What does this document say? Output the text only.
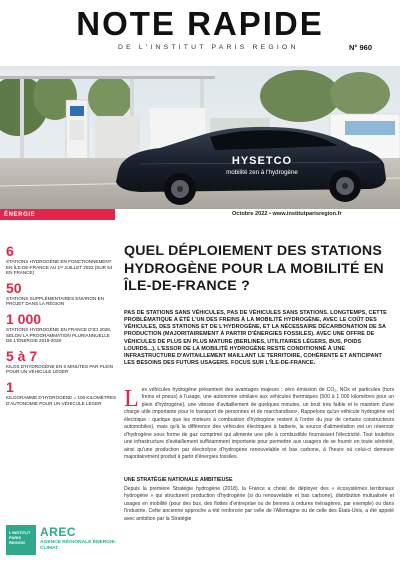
NOTE RAPIDE
DE L'INSTITUT PARIS REGION	N° 960
HYSETCO
mobilité zen à l'hydrogène
ÉNERGIE	Octobre 2022 • www.institutparisregion.fr
6
STATIONS HYDROGÈNE EN FONCTIONNEMENT EN ÎLE-DE-FRANCE AU 1ᵉʳ JUILLET 2022 (SUR 54 EN FRANCE)
50
STATIONS SUPPLÉMENTAIRES ENVIRON EN PROJET DANS LA RÉGION
1 000
STATIONS HYDROGÈNE EN FRANCE D'ICI 2028, SELON LA PROGRAMMATION PLURIANNUELLE DE L'ÉNERGIE 2019-2028
5 à 7
KILOS D'HYDROGÈNE EN 5 MINUTES PAR PLEIN POUR UN VÉHICULE LÉGER
1
KILOGRAMME D'HYDROGÈNE = 100 KILOMÈTRES D'AUTONOMIE POUR UN VÉHICULE LÉGER
L'INSTITUT PARIS REGION
AREC
AGENCE RÉGIONALE ÉNERGIE-CLIMAT
QUEL DÉPLOIEMENT DES STATIONS HYDROGÈNE POUR LA MOBILITÉ EN ÎLE-DE-FRANCE ?

PAS DE STATIONS SANS VÉHICULES, PAS DE VÉHICULES SANS STATIONS. LONGTEMPS, CETTE PROBLÉMATIQUE A ÉTÉ L'UN DES FREINS À LA MOBILITÉ HYDROGÈNE, AVEC LE COÛT DES VÉHICULES, DES STATIONS ET DE L'HYDROGÈNE, ET LA NÉCESSAIRE DÉCARBONATION DE SA PRODUCTION (MAJORITAIREMENT À PARTIR D'ÉNERGIES FOSSILES). AVEC UNE OFFRE DE VÉHICULES DE PLUS EN PLUS MATURE (BERLINES, UTILITAIRES LÉGERS, BUS, POIDS LOURDS...), L'ESSOR DE LA MOBILITÉ HYDROGÈNE RESTE CONDITIONNÉ À UNE INFRASTRUCTURE D'AVITAILLEMENT MAILLANT LE TERRITOIRE, COHÉRENTE ET ANTICIPANT LES BESOINS DES FUTURS USAGERS. FOCUS SUR L'ÎLE-DE-FRANCE.

Les véhicules hydrogène présentent des avantages majeurs : zéro émission de CO₂, NOx et particules (hors freins et pneus) à l'usage, une autonomie similaire aux véhicules thermiques (500 à 1 000 kilomètres pour un plein d'hydrogène), une vitesse d'avitaillement de quelques minutes, un bruit très faible et le maintien d'une charge utile importante pour le transport de personnes et de marchandises¹. Rappelons qu'un véhicule hydrogène est électrique : quelque que les moteurs à combustion d'hydrogène restent à l'ordre du jour de certains constructeurs automobiles), mais qu'à la différence des véhicules électriques à batterie, la source d'alimentation est un réservoir d'hydrogène sous forme de gaz comprimé qui alimente une pile à combustible fournissant l'électricité. Tout toutefois une infrastructure d'avitaillement suffisamment importante pour permettre aux usagers de se fournir en toute sérénité, ainsi qu'une production par électrolyse d'hydrogène renouvelable et bas carbone, à l'heure où celui-ci demeure majoritairement produit à partir d'énergies fossiles.
UNE STRATÉGIE NATIONALE AMBITIEUSE

Depuis la première Stratégie hydrogène (2018), la France a choisi de déployer des « écosystèmes territoriaux hydrogène » qui structurent production d'hydrogène (si du renouvelable et bas carbone), distribution mutualisée et usages en mobilité (pour des bus, des flottes d'entreprise ou de bennes à ordures ménagères, par exemple) ou dans l'industrie. Cette ancienne approche a été renforcée par celle de l'Allemagne ou de celle des États-Unis, a été appelé avec ambition par la Stratégie
